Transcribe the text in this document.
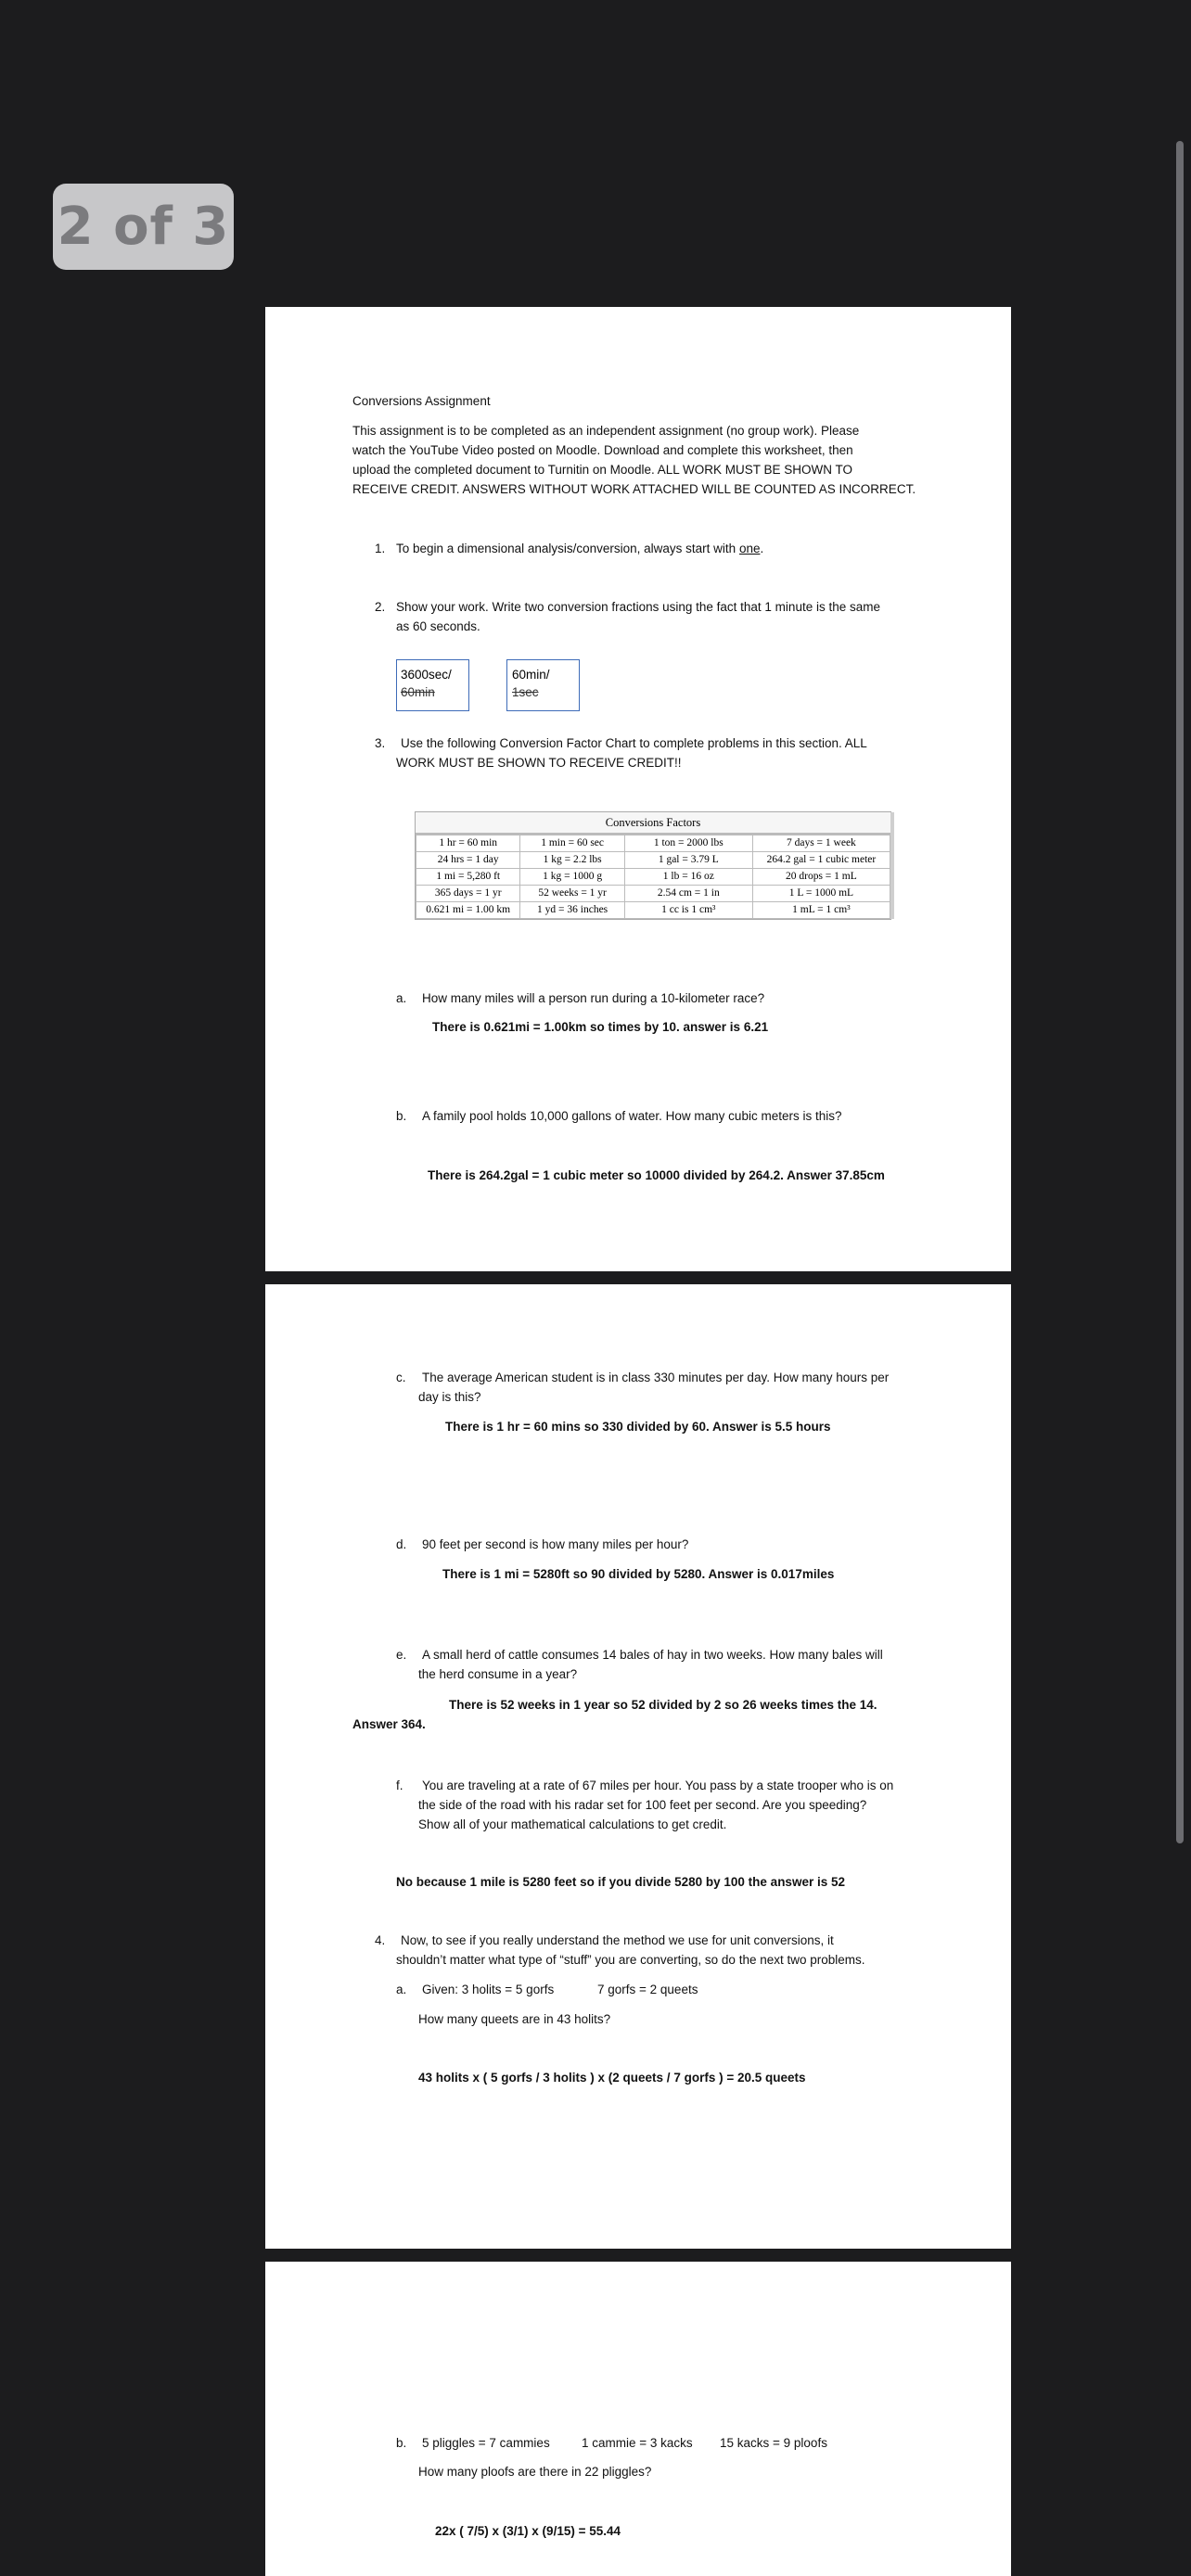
2 of 3
Conversions Assignment
This assignment is to be completed as an independent assignment (no group work). Please
watch the YouTube Video posted on Moodle. Download and complete this worksheet, then
upload the completed document to Turnitin on Moodle. ALL WORK MUST BE SHOWN TO
RECEIVE CREDIT. ANSWERS WITHOUT WORK ATTACHED WILL BE COUNTED AS INCORRECT.
1. To begin a dimensional analysis/conversion, always start with one.
2. Show your work. Write two conversion fractions using the fact that 1 minute is the same
as 60 seconds.
3600sec/
60min
60min/
1sec
3. Use the following Conversion Factor Chart to complete problems in this section. ALL
WORK MUST BE SHOWN TO RECEIVE CREDIT!!
Conversions Factors
1 hr = 60 min	1 min = 60 sec	1 ton = 2000 lbs	7 days = 1 week
24 hrs = 1 day	1 kg = 2.2 lbs	1 gal = 3.79 L	264.2 gal = 1 cubic meter
1 mi = 5,280 ft	1 kg = 1000 g	1 lb = 16 oz	20 drops = 1 mL
365 days = 1 yr	52 weeks = 1 yr	2.54 cm = 1 in	1 L = 1000 mL
0.621 mi = 1.00 km	1 yd = 36 inches	1 cc is 1 cm³	1 mL = 1 cm³
a. How many miles will a person run during a 10-kilometer race?
There is 0.621mi = 1.00km so times by 10. answer is 6.21
b. A family pool holds 10,000 gallons of water. How many cubic meters is this?
There is 264.2gal = 1 cubic meter so 10000 divided by 264.2. Answer 37.85cm
c. The average American student is in class 330 minutes per day. How many hours per
day is this?
There is 1 hr = 60 mins so 330 divided by 60. Answer is 5.5 hours
d. 90 feet per second is how many miles per hour?
There is 1 mi = 5280ft so 90 divided by 5280. Answer is 0.017miles
e. A small herd of cattle consumes 14 bales of hay in two weeks. How many bales will
the herd consume in a year?
There is 52 weeks in 1 year so 52 divided by 2 so 26 weeks times the 14.
Answer 364.
f. You are traveling at a rate of 67 miles per hour. You pass by a state trooper who is on
the side of the road with his radar set for 100 feet per second. Are you speeding?
Show all of your mathematical calculations to get credit.
No because 1 mile is 5280 feet so if you divide 5280 by 100 the answer is 52
4. Now, to see if you really understand the method we use for unit conversions, it
shouldn’t matter what type of “stuff” you are converting, so do the next two problems.
a. Given: 3 holits = 5 gorfs	7 gorfs = 2 queets
How many queets are in 43 holits?
43 holits x ( 5 gorfs / 3 holits ) x (2 queets / 7 gorfs ) = 20.5 queets
b. 5 pliggles = 7 cammies	1 cammie = 3 kacks 15 kacks = 9 ploofs
How many ploofs are there in 22 pliggles?
22x ( 7/5) x (3/1) x (9/15) = 55.44
